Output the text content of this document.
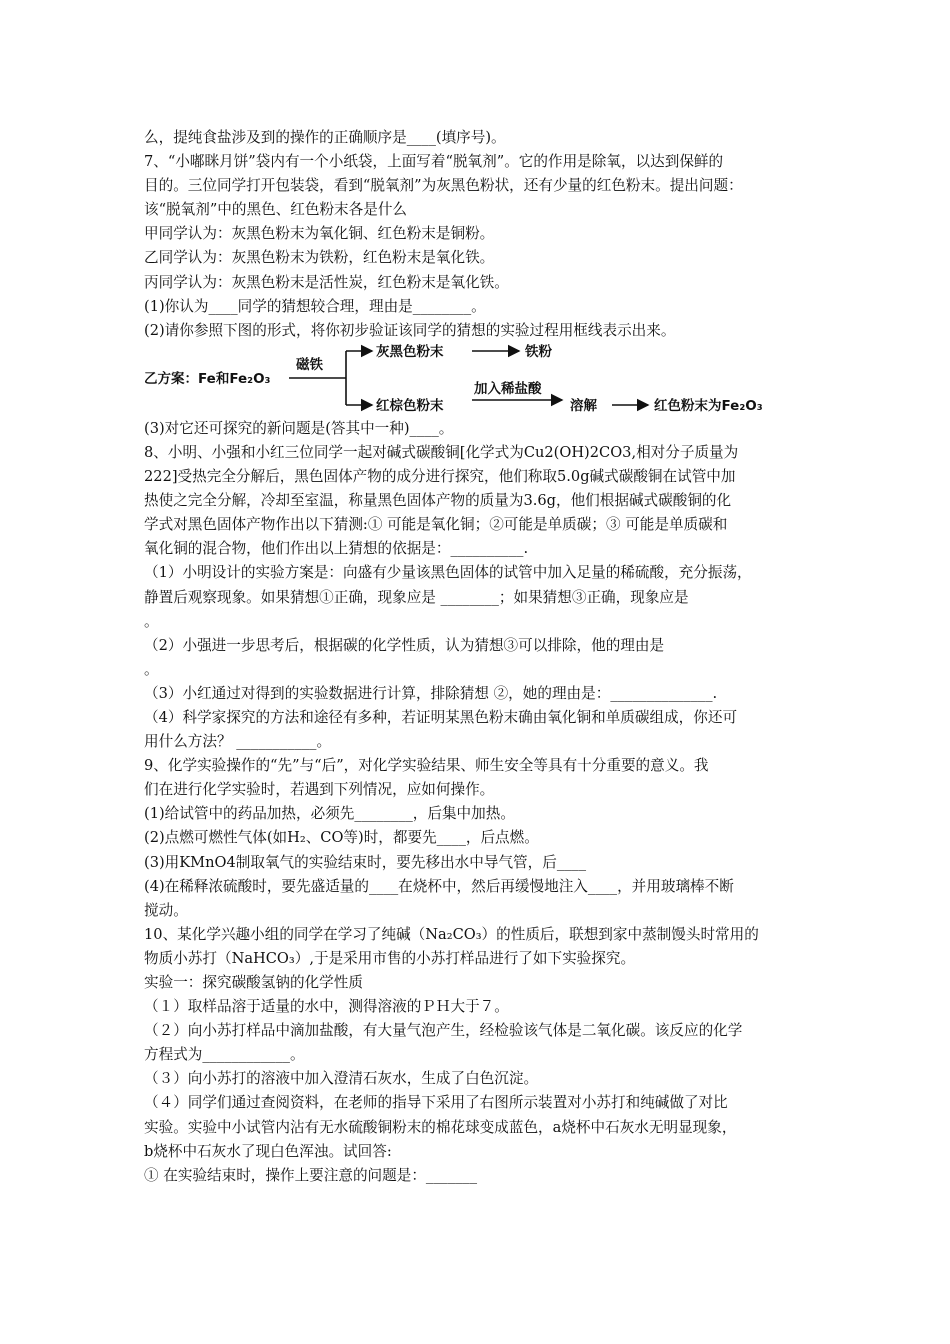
么，提纯食盐涉及到的操作的正确顺序是____(填序号)。
7、“小嘟眯月饼”袋内有一个小纸袋，上面写着“脱氧剂”。它的作用是除氧，以达到保鲜的
目的。三位同学打开包装袋，看到“脱氧剂”为灰黑色粉状，还有少量的红色粉末。提出问题：
该“脱氧剂”中的黑色、红色粉末各是什么
甲同学认为：灰黑色粉末为氧化铜、红色粉末是铜粉。
乙同学认为：灰黑色粉末为铁粉，红色粉末是氧化铁。
丙同学认为：灰黑色粉末是活性炭，红色粉末是氧化铁。
(1)你认为____同学的猜想较合理，理由是________。
(2)请你参照下图的形式，将你初步验证该同学的猜想的实验过程用框线表示出来。
乙方案：Fe和Fe₂O₃
磁铁
灰黑色粉末	铁粉
红棕色粉末
加入稀盐酸
溶解	红色粉末为Fe₂O₃
(3)对它还可探究的新问题是(答其中一种)____。
8、小明、小强和小红三位同学一起对碱式碳酸铜[化学式为Cu2(OH)2CO3,相对分子质量为
222]受热完全分解后，黑色固体产物的成分进行探究，他们称取5.0g碱式碳酸铜在试管中加
热使之完全分解，冷却至室温，称量黑色固体产物的质量为3.6g，他们根据碱式碳酸铜的化
学式对黑色固体产物作出以下猜测:① 可能是氧化铜；②可能是单质碳；③ 可能是单质碳和
氧化铜的混合物，他们作出以上猜想的依据是：__________.
（1）小明设计的实验方案是：向盛有少量该黑色固体的试管中加入足量的稀硫酸，充分振荡，
静置后观察现象。如果猜想①正确，现象应是 ________；如果猜想③正确，现象应是
。
（2）小强进一步思考后，根据碳的化学性质，认为猜想③可以排除，他的理由是
。
（3）小红通过对得到的实验数据进行计算，排除猜想 ②，她的理由是：______________.
（4）科学家探究的方法和途径有多种，若证明某黑色粉末确由氧化铜和单质碳组成，你还可
用什么方法？ ___________。
9、化学实验操作的“先”与“后”，对化学实验结果、师生安全等具有十分重要的意义。我
们在进行化学实验时，若遇到下列情况，应如何操作。
(1)给试管中的药品加热，必须先________，后集中加热。
(2)点燃可燃性气体(如H₂、CO等)时，都要先____，后点燃。
(3)用KMnO4制取氧气的实验结束时，要先移出水中导气管，后____
(4)在稀释浓硫酸时，要先盛适量的____在烧杯中，然后再缓慢地注入____，并用玻璃棒不断
搅动。
10、某化学兴趣小组的同学在学习了纯碱（Na₂CO₃）的性质后，联想到家中蒸制馒头时常用的
物质小苏打（NaHCO₃）,于是采用市售的小苏打样品进行了如下实验探究。
实验一：探究碳酸氢钠的化学性质
（１）取样品溶于适量的水中，测得溶液的ＰＨ大于７。
（２）向小苏打样品中滴加盐酸，有大量气泡产生，经检验该气体是二氧化碳。该反应的化学
方程式为____________。
（３）向小苏打的溶液中加入澄清石灰水，生成了白色沉淀。
（４）同学们通过查阅资料，在老师的指导下采用了右图所示装置对小苏打和纯碱做了对比
实验。实验中小试管内沾有无水硫酸铜粉末的棉花球变成蓝色，a烧杯中石灰水无明显现象，
b烧杯中石灰水了现白色浑浊。试回答:
① 在实验结束时，操作上要注意的问题是：_______
